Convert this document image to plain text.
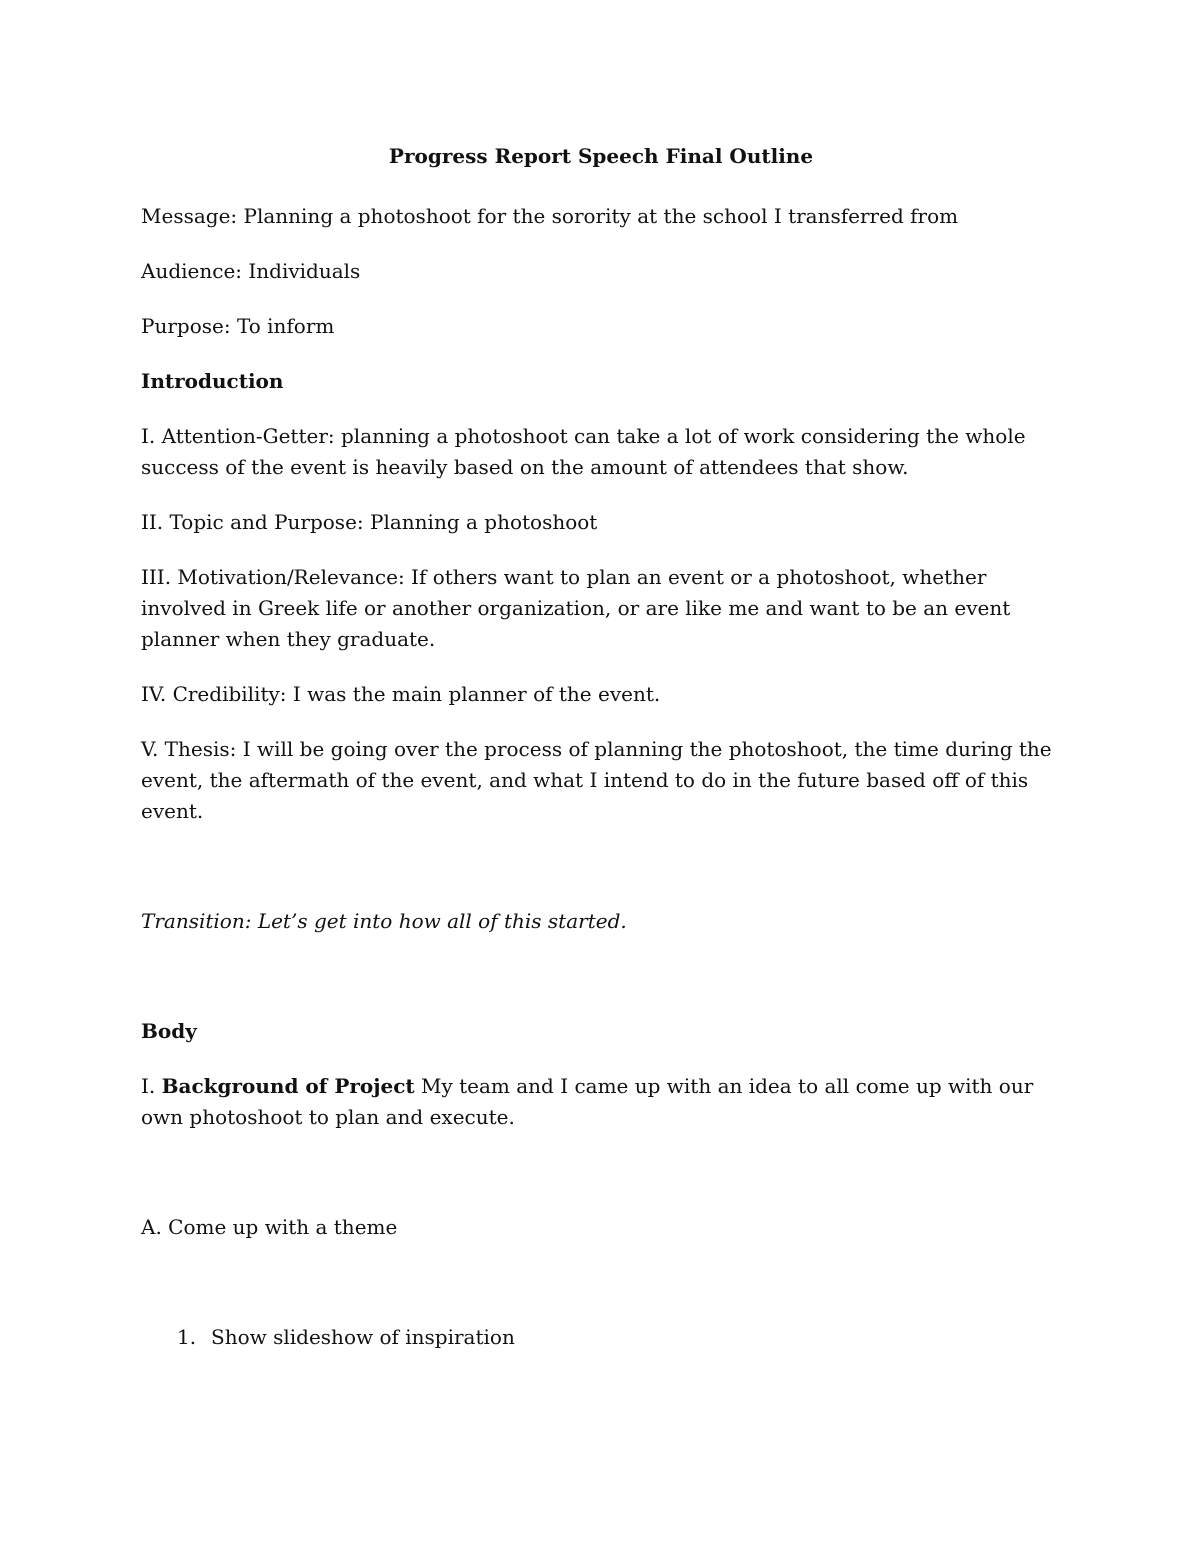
Progress Report Speech Final Outline

Message: Planning a photoshoot for the sorority at the school I transferred from

Audience: Individuals

Purpose: To inform

Introduction

I. Attention-Getter: planning a photoshoot can take a lot of work considering the whole success of the event is heavily based on the amount of attendees that show.

II. Topic and Purpose: Planning a photoshoot

III. Motivation/Relevance: If others want to plan an event or a photoshoot, whether involved in Greek life or another organization, or are like me and want to be an event planner when they graduate.

IV. Credibility: I was the main planner of the event.

V. Thesis: I will be going over the process of planning the photoshoot, the time during the event, the aftermath of the event, and what I intend to do in the future based off of this event.

Transition: Let’s get into how all of this started.

Body

I. Background of Project My team and I came up with an idea to all come up with our own photoshoot to plan and execute.

A. Come up with a theme

1. Show slideshow of inspiration
